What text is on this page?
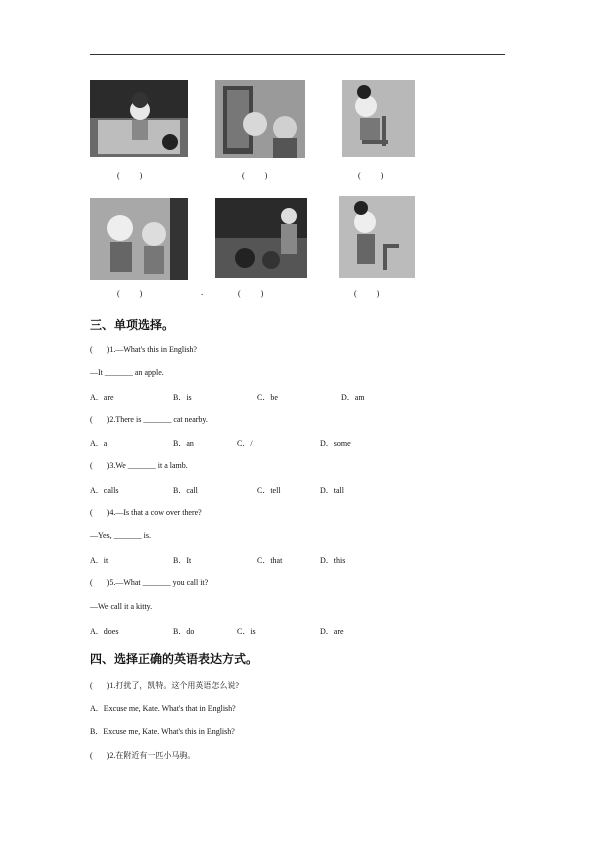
(          )	(          )	(          )
(          )	.	(          )	(          )
三、单项选择。
(       )1.—What's this in English?
—It _______ an apple.
A．are	B．is	C．be	D．am
(       )2.There is _______ cat nearby.
A．a	B．an	C．/	D．some
(       )3.We _______ it a lamb.
A．calls	B．call	C．tell	D．tall
(       )4.—Is that a cow over there?
—Yes, _______ is.
A．it	B．It	C．that	D．this
(       )5.—What _______ you call it?
—We call it a kitty.
A．does	B．do	C．is	D．are
四、选择正确的英语表达方式。
(       )1.打扰了，凯特。这个用英语怎么说?
A．Excuse me, Kate. What's that in English?
B．Excuse me, Kate. What's this in English?
(       )2.在附近有一匹小马驹。
